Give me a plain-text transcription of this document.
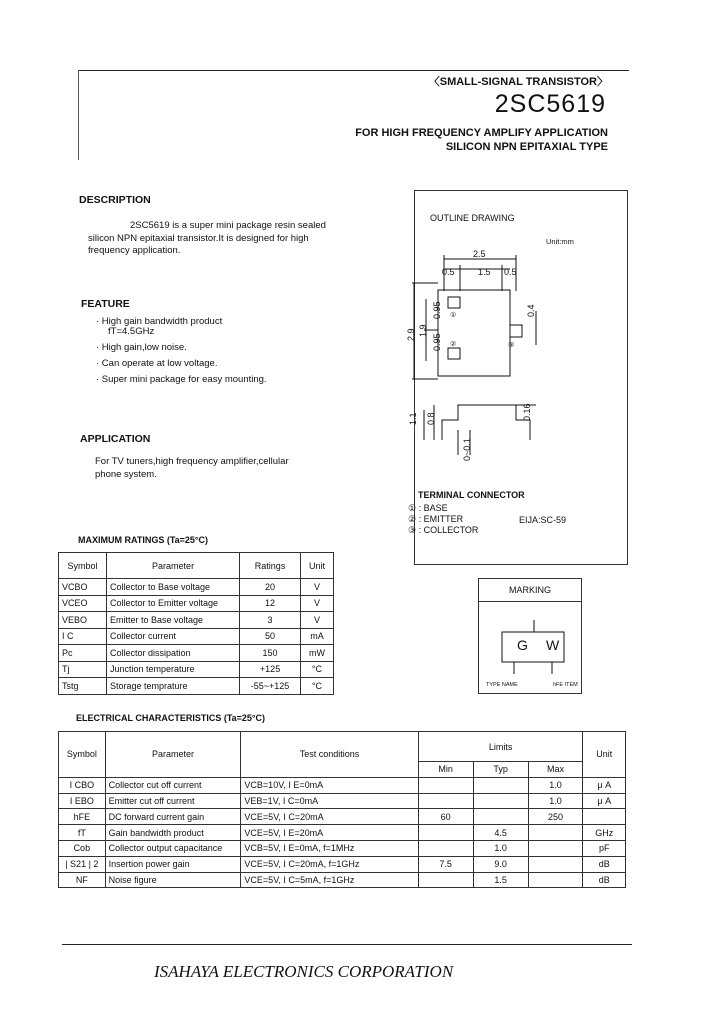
〈SMALL-SIGNAL TRANSISTOR〉
2SC5619
FOR HIGH FREQUENCY AMPLIFY APPLICATION
SILICON NPN EPITAXIAL TYPE
DESCRIPTION
2SC5619 is a super mini package resin sealed
silicon NPN epitaxial transistor.It is designed for high
frequency application.
FEATURE
· High gain bandwidth product
fT=4.5GHz
· High gain,low noise.
· Can operate at low voltage.
· Super mini package for easy mounting.
APPLICATION
For TV tuners,high frequency amplifier,cellular
phone system.
OUTLINE DRAWING
Unit:mm
2.5
0.5	1.5 0.5
2.9 1.9
0.95
0.95
0.4
1.1 0.8	0.16
0~0.1
①
②	③
TERMINAL CONNECTOR
① : BASE
② : EMITTER
③ : COLLECTOR
EIJA:SC-59
MARKING
G W
TYPE NAME	hFE ITEM
MAXIMUM RATINGS (Ta=25°C)
Symbol	Parameter	Ratings	Unit
VCBO	Collector to Base voltage	20	V
VCEO	Collector to Emitter voltage	12	V
VEBO	Emitter to Base voltage	3	V
I C	Collector current	50	mA
Pc	Collector dissipation	150	mW
Tj	Junction temperature	+125	°C
Tstg	Storage temprature	-55~+125	°C
ELECTRICAL CHARACTERISTICS (Ta=25°C)
Symbol	Parameter	Test conditions	Limits			Unit
			Min	Typ	Max	
I CBO	Collector cut off current	VCB=10V, I E=0mA			1.0	μ A
I EBO	Emitter cut off current	VEB=1V, I C=0mA			1.0	μ A
hFE	DC forward current gain	VCE=5V, I C=20mA	60		250	
fT	Gain bandwidth product	VCE=5V, I E=20mA		4.5		GHz
Cob	Collector output capacitance	VCB=5V, I E=0mA, f=1MHz		1.0		pF
| S21 | 2	Insertion power gain	VCE=5V, I C=20mA, f=1GHz	7.5	9.0		dB
NF	Noise figure	VCE=5V, I C=5mA, f=1GHz		1.5		dB
ISAHAYA ELECTRONICS CORPORATION
